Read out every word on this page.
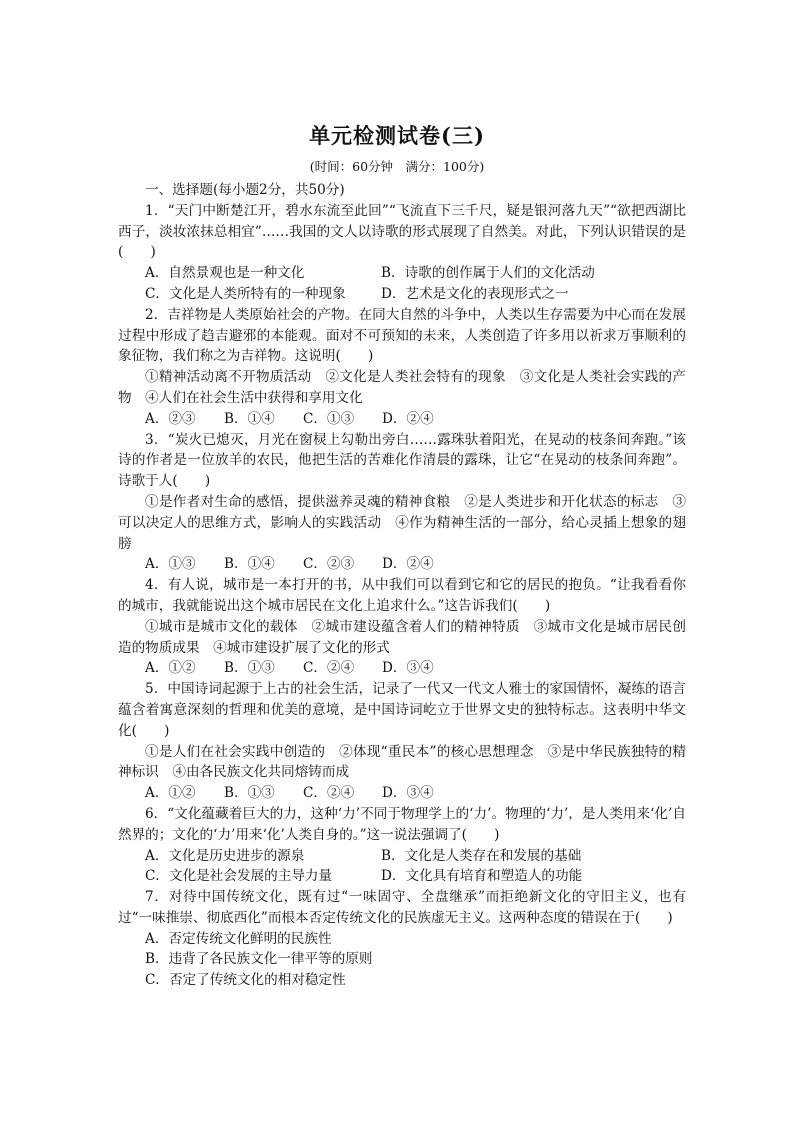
单元检测试卷(三)
(时间：60分钟　满分：100分)
一、选择题(每小题2分，共50分)
1．“天门中断楚江开，碧水东流至此回”“飞流直下三千尺，疑是银河落九天”“欲把西湖比西子，淡妆浓抹总相宜”……我国的文人以诗歌的形式展现了自然美。对此，下列认识错误的是(　　)
A．自然景观也是一种文化	B．诗歌的创作属于人们的文化活动
C．文化是人类所特有的一种现象	D．艺术是文化的表现形式之一
2．吉祥物是人类原始社会的产物。在同大自然的斗争中，人类以生存需要为中心而在发展过程中形成了趋吉避邪的本能观。面对不可预知的未来，人类创造了许多用以祈求万事顺利的象征物，我们称之为吉祥物。这说明(　　)
①精神活动离不开物质活动　②文化是人类社会特有的现象　③文化是人类社会实践的产物　④人们在社会生活中获得和享用文化
A．②③	B．①④	C．①③	D．②④
3．“炭火已熄灭，月光在窗棂上勾勒出旁白……露珠驮着阳光，在晃动的枝条间奔跑。”该诗的作者是一位放羊的农民，他把生活的苦难化作清晨的露珠，让它“在晃动的枝条间奔跑”。诗歌于人(　　)
①是作者对生命的感悟，提供滋养灵魂的精神食粮　②是人类进步和开化状态的标志　③可以决定人的思维方式，影响人的实践活动　④作为精神生活的一部分，给心灵插上想象的翅膀
A．①③	B．①④	C．②③	D．②④
4．有人说，城市是一本打开的书，从中我们可以看到它和它的居民的抱负。“让我看看你的城市，我就能说出这个城市居民在文化上追求什么。”这告诉我们(　　)
①城市是城市文化的载体　②城市建设蕴含着人们的精神特质　③城市文化是城市居民创造的物质成果　④城市建设扩展了文化的形式
A．①②	B．①③	C．②④	D．③④
5．中国诗词起源于上古的社会生活，记录了一代又一代文人雅士的家国情怀，凝练的语言蕴含着寓意深刻的哲理和优美的意境，是中国诗词屹立于世界文史的独特标志。这表明中华文化(　　)
①是人们在社会实践中创造的　②体现“重民本”的核心思想理念　③是中华民族独特的精神标识　④由各民族文化共同熔铸而成
A．①②	B．①③	C．②④	D．③④
6．“文化蕴藏着巨大的力，这种‘力’不同于物理学上的‘力’。物理的‘力’，是人类用来‘化’自然界的；文化的‘力’用来‘化’人类自身的。”这一说法强调了(　　)
A．文化是历史进步的源泉	B．文化是人类存在和发展的基础
C．文化是社会发展的主导力量	D．文化具有培育和塑造人的功能
7．对待中国传统文化，既有过“一味固守、全盘继承”而拒绝新文化的守旧主义，也有过“一味推崇、彻底西化”而根本否定传统文化的民族虚无主义。这两种态度的错误在于(　　)
A．否定传统文化鲜明的民族性
B．违背了各民族文化一律平等的原则
C．否定了传统文化的相对稳定性
